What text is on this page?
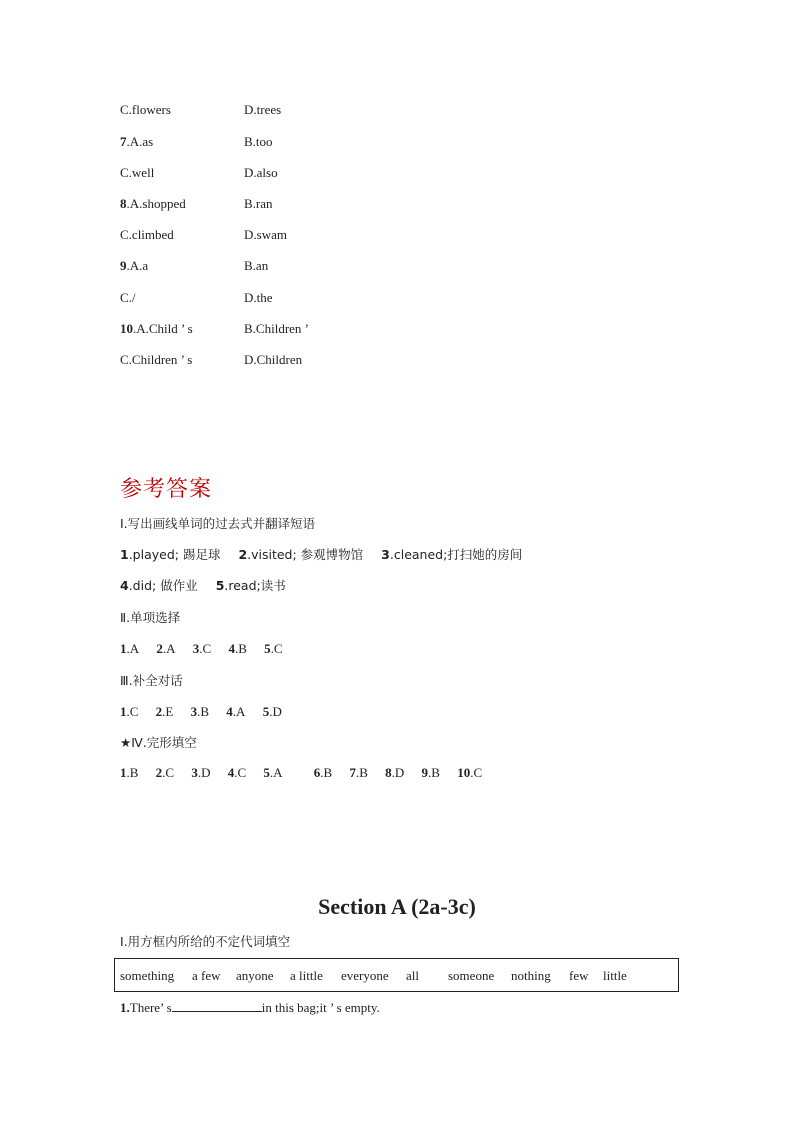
C.flowers	D.trees
7.A.as	B.too
C.well	D.also
8.A.shopped	B.ran
C.climbed	D.swam
9.A.a	B.an
C./	D.the
10.A.Child ’ s	B.Children ’
C.Children ’ s	D.Children
参考答案
Ⅰ.写出画线单词的过去式并翻译短语
1.played; 踢足球 2.visited; 参观博物馆 3.cleaned;打扫她的房间
4.did; 做作业 5.read;读书
Ⅱ.单项选择
1.A 2.A 3.C 4.B 5.C
Ⅲ.补全对话
1.C 2.E 3.B 4.A 5.D
★Ⅳ.完形填空
1.B 2.C 3.D 4.C 5.A 6.B 7.B 8.D 9.B 10.C
Section A (2a-3c)
Ⅰ.用方框内所给的不定代词填空
something a few anyone a little everyone all someone nothing few little
1.There’ s	in this bag;it ’ s empty.
